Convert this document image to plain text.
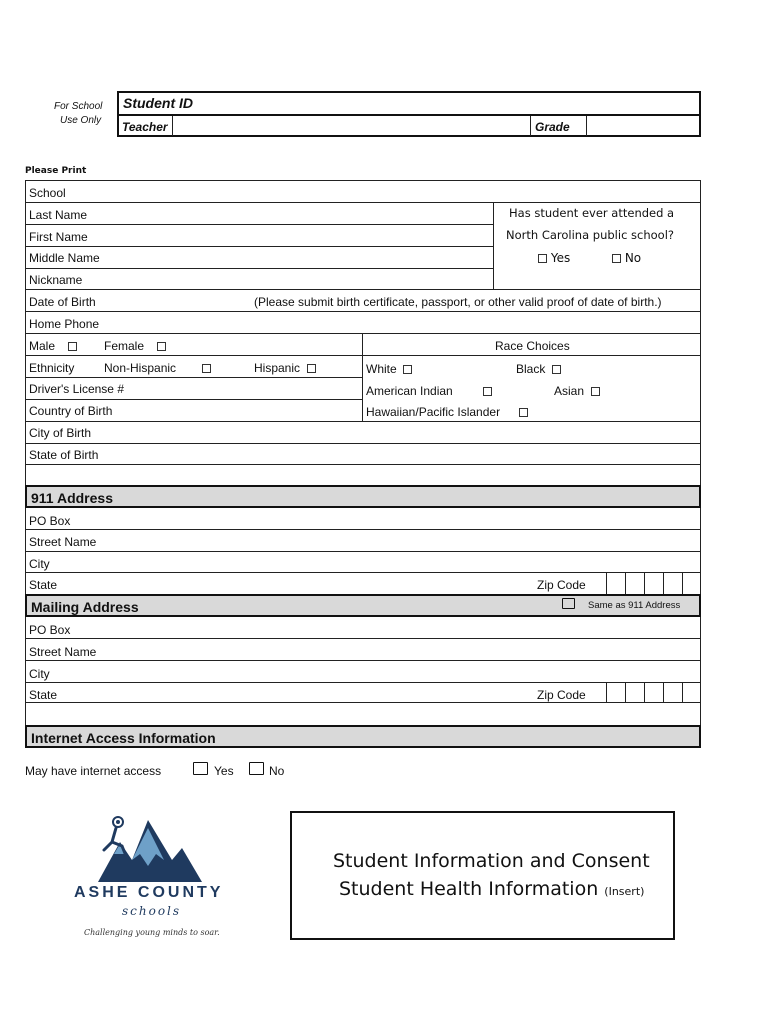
For School
Use Only
Student ID
Teacher	Grade
Please Print
School
Last Name
First Name
Middle Name
Nickname
Has student ever attended a
North Carolina public school?
Yes	No
Date of Birth	(Please submit birth certificate, passport, or other valid proof of date of birth.)
Home Phone
Male	Female	Race Choices
Ethnicity Non-Hispanic	Hispanic	White	Black
Driver's License #	American Indian	Asian
Country of Birth	Hawaiian/Pacific Islander
City of Birth
State of Birth
911 Address
PO Box
Street Name
City
State	Zip Code
Mailing Address	Same as 911 Address
PO Box
Street Name
City
State	Zip Code
Internet Access Information
May have internet access	Yes	No
ASHE COUNTY
schools
Challenging young minds to soar.
Student Information and Consent
Student Health Information (Insert)
